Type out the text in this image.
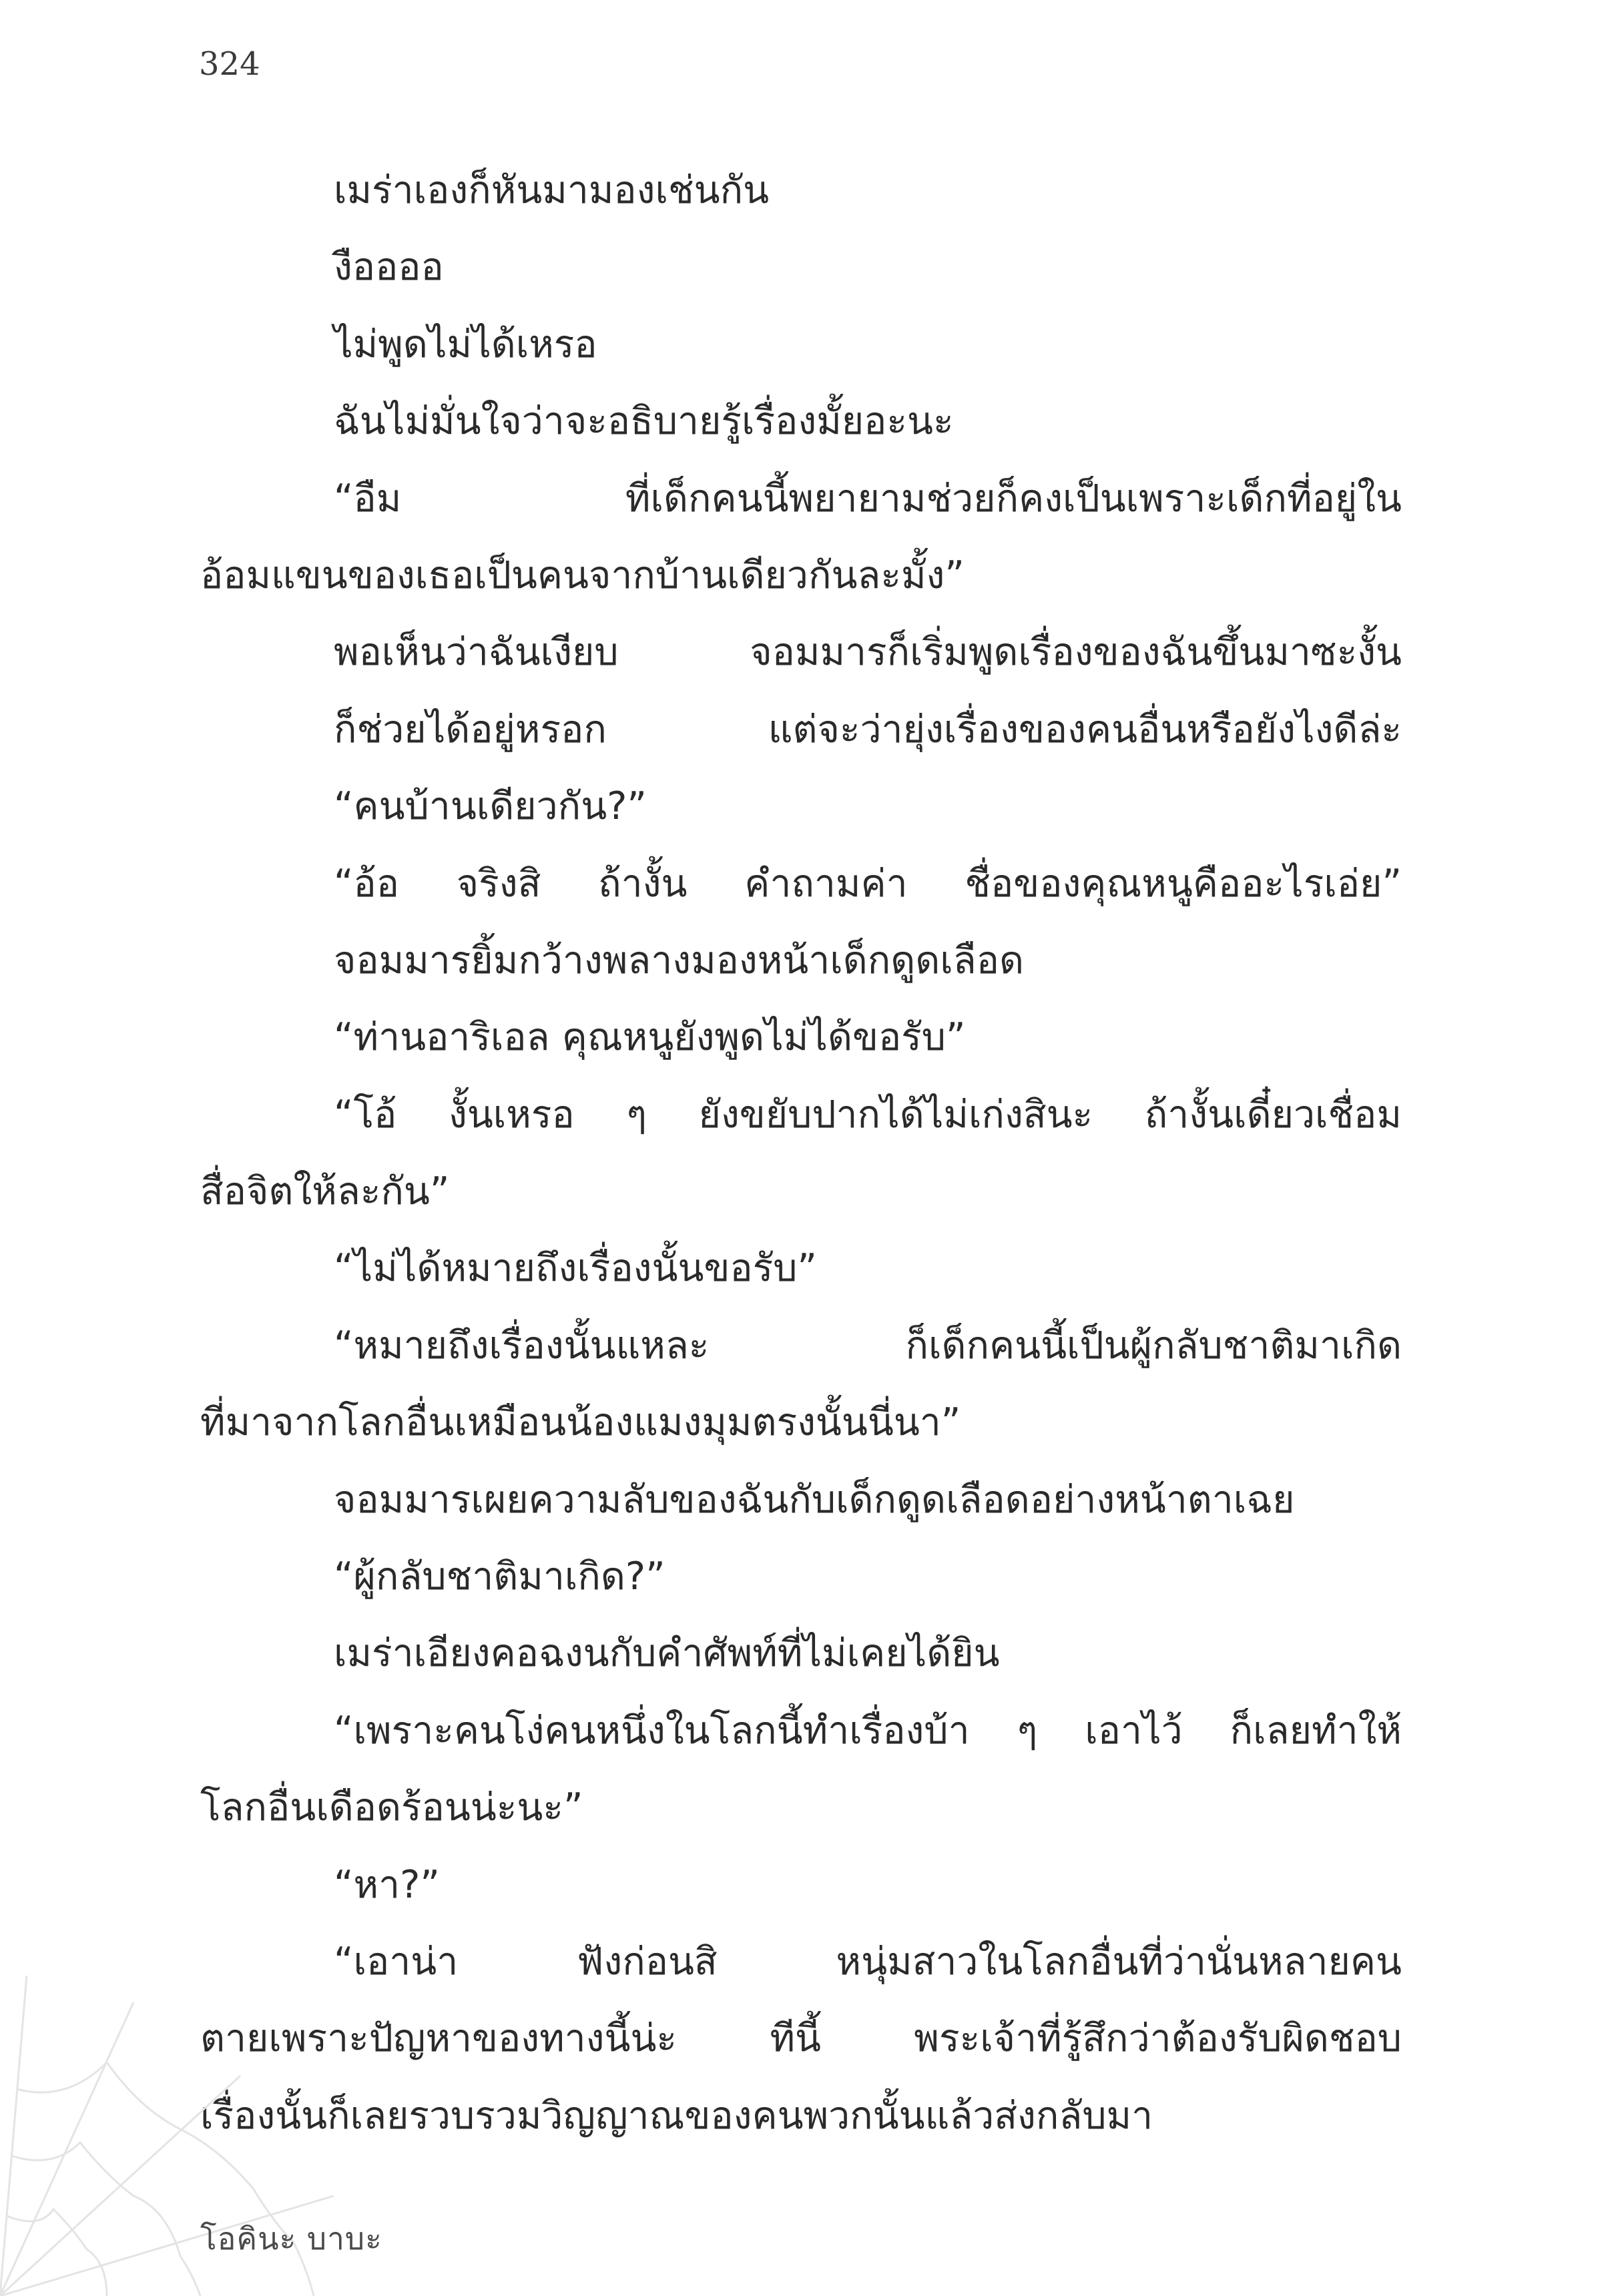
324
เมร่าเองก็หันมามองเช่นกัน
งืออออ
ไม่พูดไม่ได้เหรอ
ฉันไม่มั่นใจว่าจะอธิบายรู้เรื่องมั้ยอะนะ
“อืม	ที่เด็กคนนี้พยายามช่วยก็คงเป็นเพราะเด็กที่อยู่ใน
อ้อมแขนของเธอเป็นคนจากบ้านเดียวกันละมั้ง”
พอเห็นว่าฉันเงียบ	จอมมารก็เริ่มพูดเรื่องของฉันขึ้นมาซะงั้น
ก็ช่วยได้อยู่หรอก	แต่จะว่ายุ่งเรื่องของคนอื่นหรือยังไงดีล่ะ
“คนบ้านเดียวกัน?”
“อ้อ จริงสิ ถ้างั้น คำถามค่า ชื่อของคุณหนูคืออะไรเอ่ย”
จอมมารยิ้มกว้างพลางมองหน้าเด็กดูดเลือด
“ท่านอาริเอล คุณหนูยังพูดไม่ได้ขอรับ”
“โอ้ งั้นเหรอ ๆ ยังขยับปากได้ไม่เก่งสินะ ถ้างั้นเดี๋ยวเชื่อม
สื่อจิตให้ละกัน”
“ไม่ได้หมายถึงเรื่องนั้นขอรับ”
“หมายถึงเรื่องนั้นแหละ	ก็เด็กคนนี้เป็นผู้กลับชาติมาเกิด
ที่มาจากโลกอื่นเหมือนน้องแมงมุมตรงนั้นนี่นา”
จอมมารเผยความลับของฉันกับเด็กดูดเลือดอย่างหน้าตาเฉย
“ผู้กลับชาติมาเกิด?”
เมร่าเอียงคอฉงนกับคำศัพท์ที่ไม่เคยได้ยิน
“เพราะคนโง่คนหนึ่งในโลกนี้ทำเรื่องบ้า ๆ เอาไว้ ก็เลยทำให้
โลกอื่นเดือดร้อนน่ะนะ”
“หา?”
“เอาน่า	ฟังก่อนสิ	หนุ่มสาวในโลกอื่นที่ว่านั่นหลายคน
ตายเพราะปัญหาของทางนี้น่ะ ทีนี้ พระเจ้าที่รู้สึกว่าต้องรับผิดชอบ
เรื่องนั้นก็เลยรวบรวมวิญญาณของคนพวกนั้นแล้วส่งกลับมา
โอคินะ บาบะ
